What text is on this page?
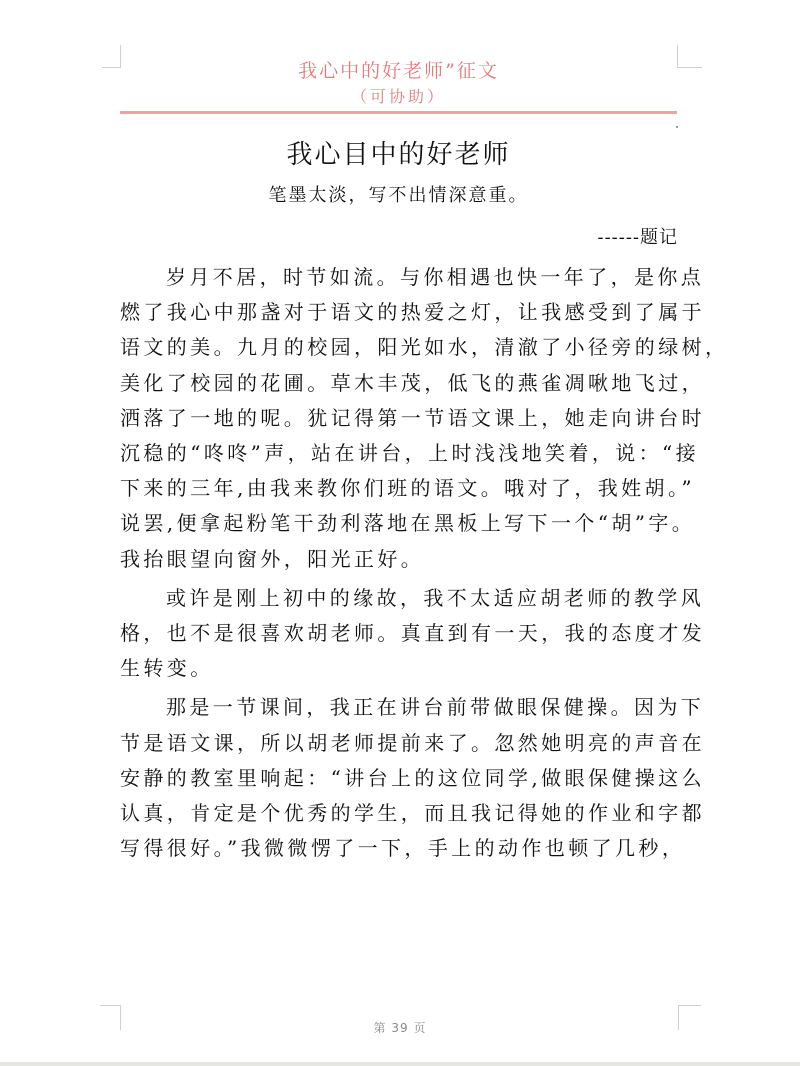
我心中的好老师”征文
（可协助）
我心目中的好老师
笔墨太淡，写不出情深意重。
------题记
岁月不居，时节如流。与你相遇也快一年了，是你点
燃了我心中那盏对于语文的热爱之灯，让我感受到了属于
语文的美。九月的校园，阳光如水，清澈了小径旁的绿树，
美化了校园的花圃。草木丰茂，低飞的燕雀凋啾地飞过，
洒落了一地的呢。犹记得第一节语文课上，她走向讲台时
沉稳的“咚咚”声，站在讲台，上时浅浅地笑着，说：“接
下来的三年,由我来教你们班的语文。哦对了，我姓胡。”
说罢,便拿起粉笔干劲利落地在黑板上写下一个“胡”字。
我抬眼望向窗外，阳光正好。
或许是刚上初中的缘故，我不太适应胡老师的教学风
格，也不是很喜欢胡老师。真直到有一天，我的态度才发
生转变。
那是一节课间，我正在讲台前带做眼保健操。因为下
节是语文课，所以胡老师提前来了。忽然她明亮的声音在
安静的教室里响起：“讲台上的这位同学,做眼保健操这么
认真，肯定是个优秀的学生，而且我记得她的作业和字都
写得很好。”我微微愣了一下，手上的动作也顿了几秒，
第 39 页
